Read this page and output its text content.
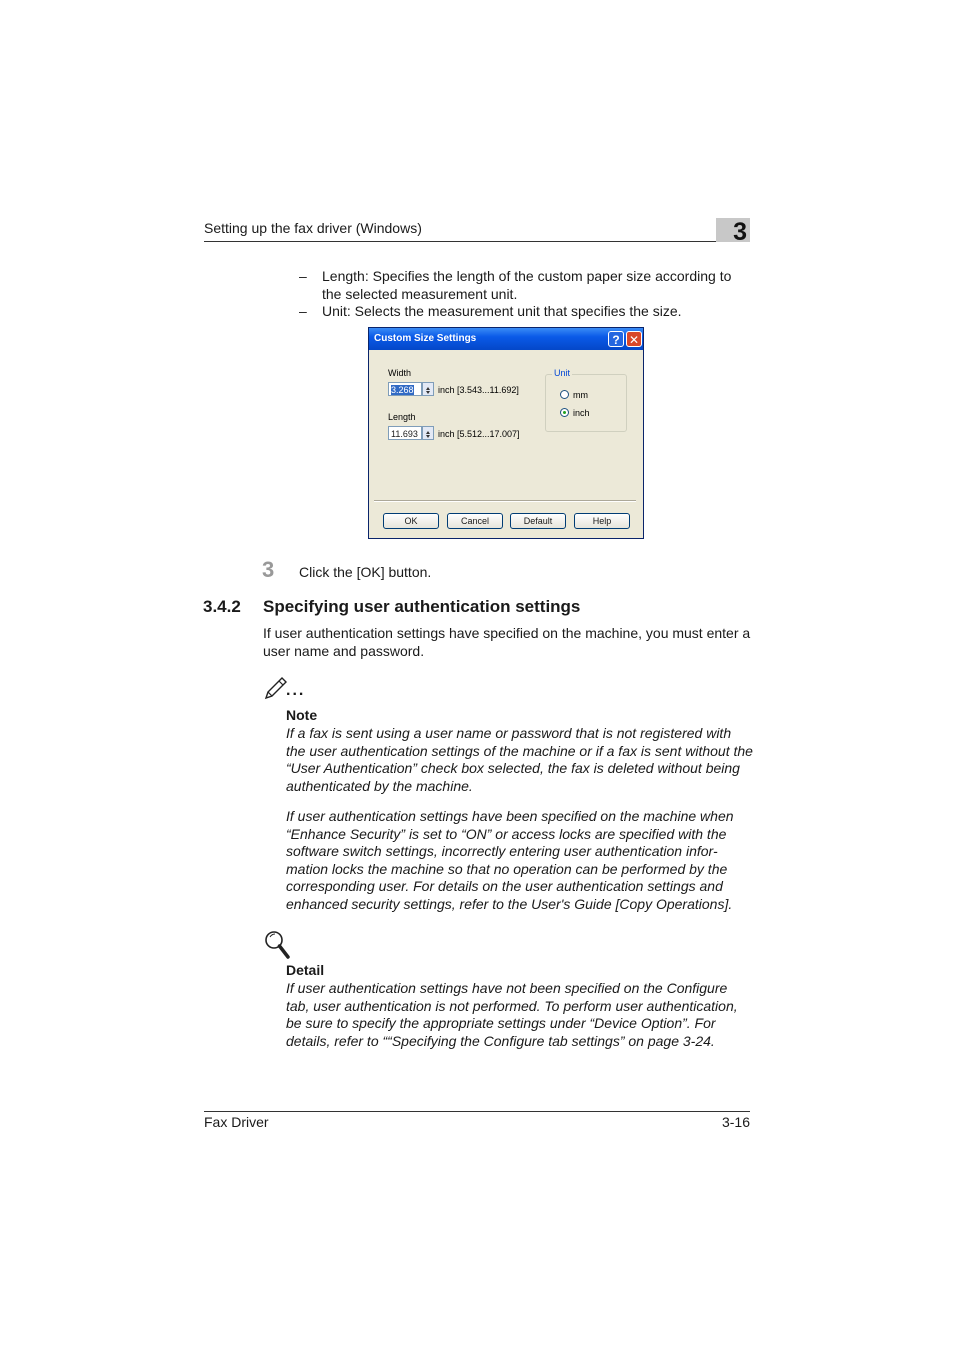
Setting up the fax driver (Windows)	3
– Length: Specifies the length of the custom paper size according to the selected measurement unit.
– Unit: Selects the measurement unit that specifies the size.
Custom Size Settings	? ✕
Width
3.268	inch [3.543...11.692]
Length
11.693	inch [5.512...17.007]
Unit
mm
inch
OK	Cancel	Default	Help
3 Click the [OK] button.
3.4.2 Specifying user authentication settings
If user authentication settings have specified on the machine, you must enter a user name and password.
...
Note
If a fax is sent using a user name or password that is not registered with the user authentication settings of the machine or if a fax is sent without the “User Authentication” check box selected, the fax is deleted without being authenticated by the machine.
If user authentication settings have been specified on the machine when “Enhance Security” is set to “ON” or access locks are specified with the software switch settings, incorrectly entering user authentication infor-mation locks the machine so that no operation can be performed by the corresponding user. For details on the user authentication settings and enhanced security settings, refer to the User's Guide [Copy Operations].
Detail
If user authentication settings have not been specified on the Configure tab, user authentication is not performed. To perform user authentication, be sure to specify the appropriate settings under “Device Option”. For details, refer to ““Specifying the Configure tab settings” on page 3-24.
Fax Driver	3-16
